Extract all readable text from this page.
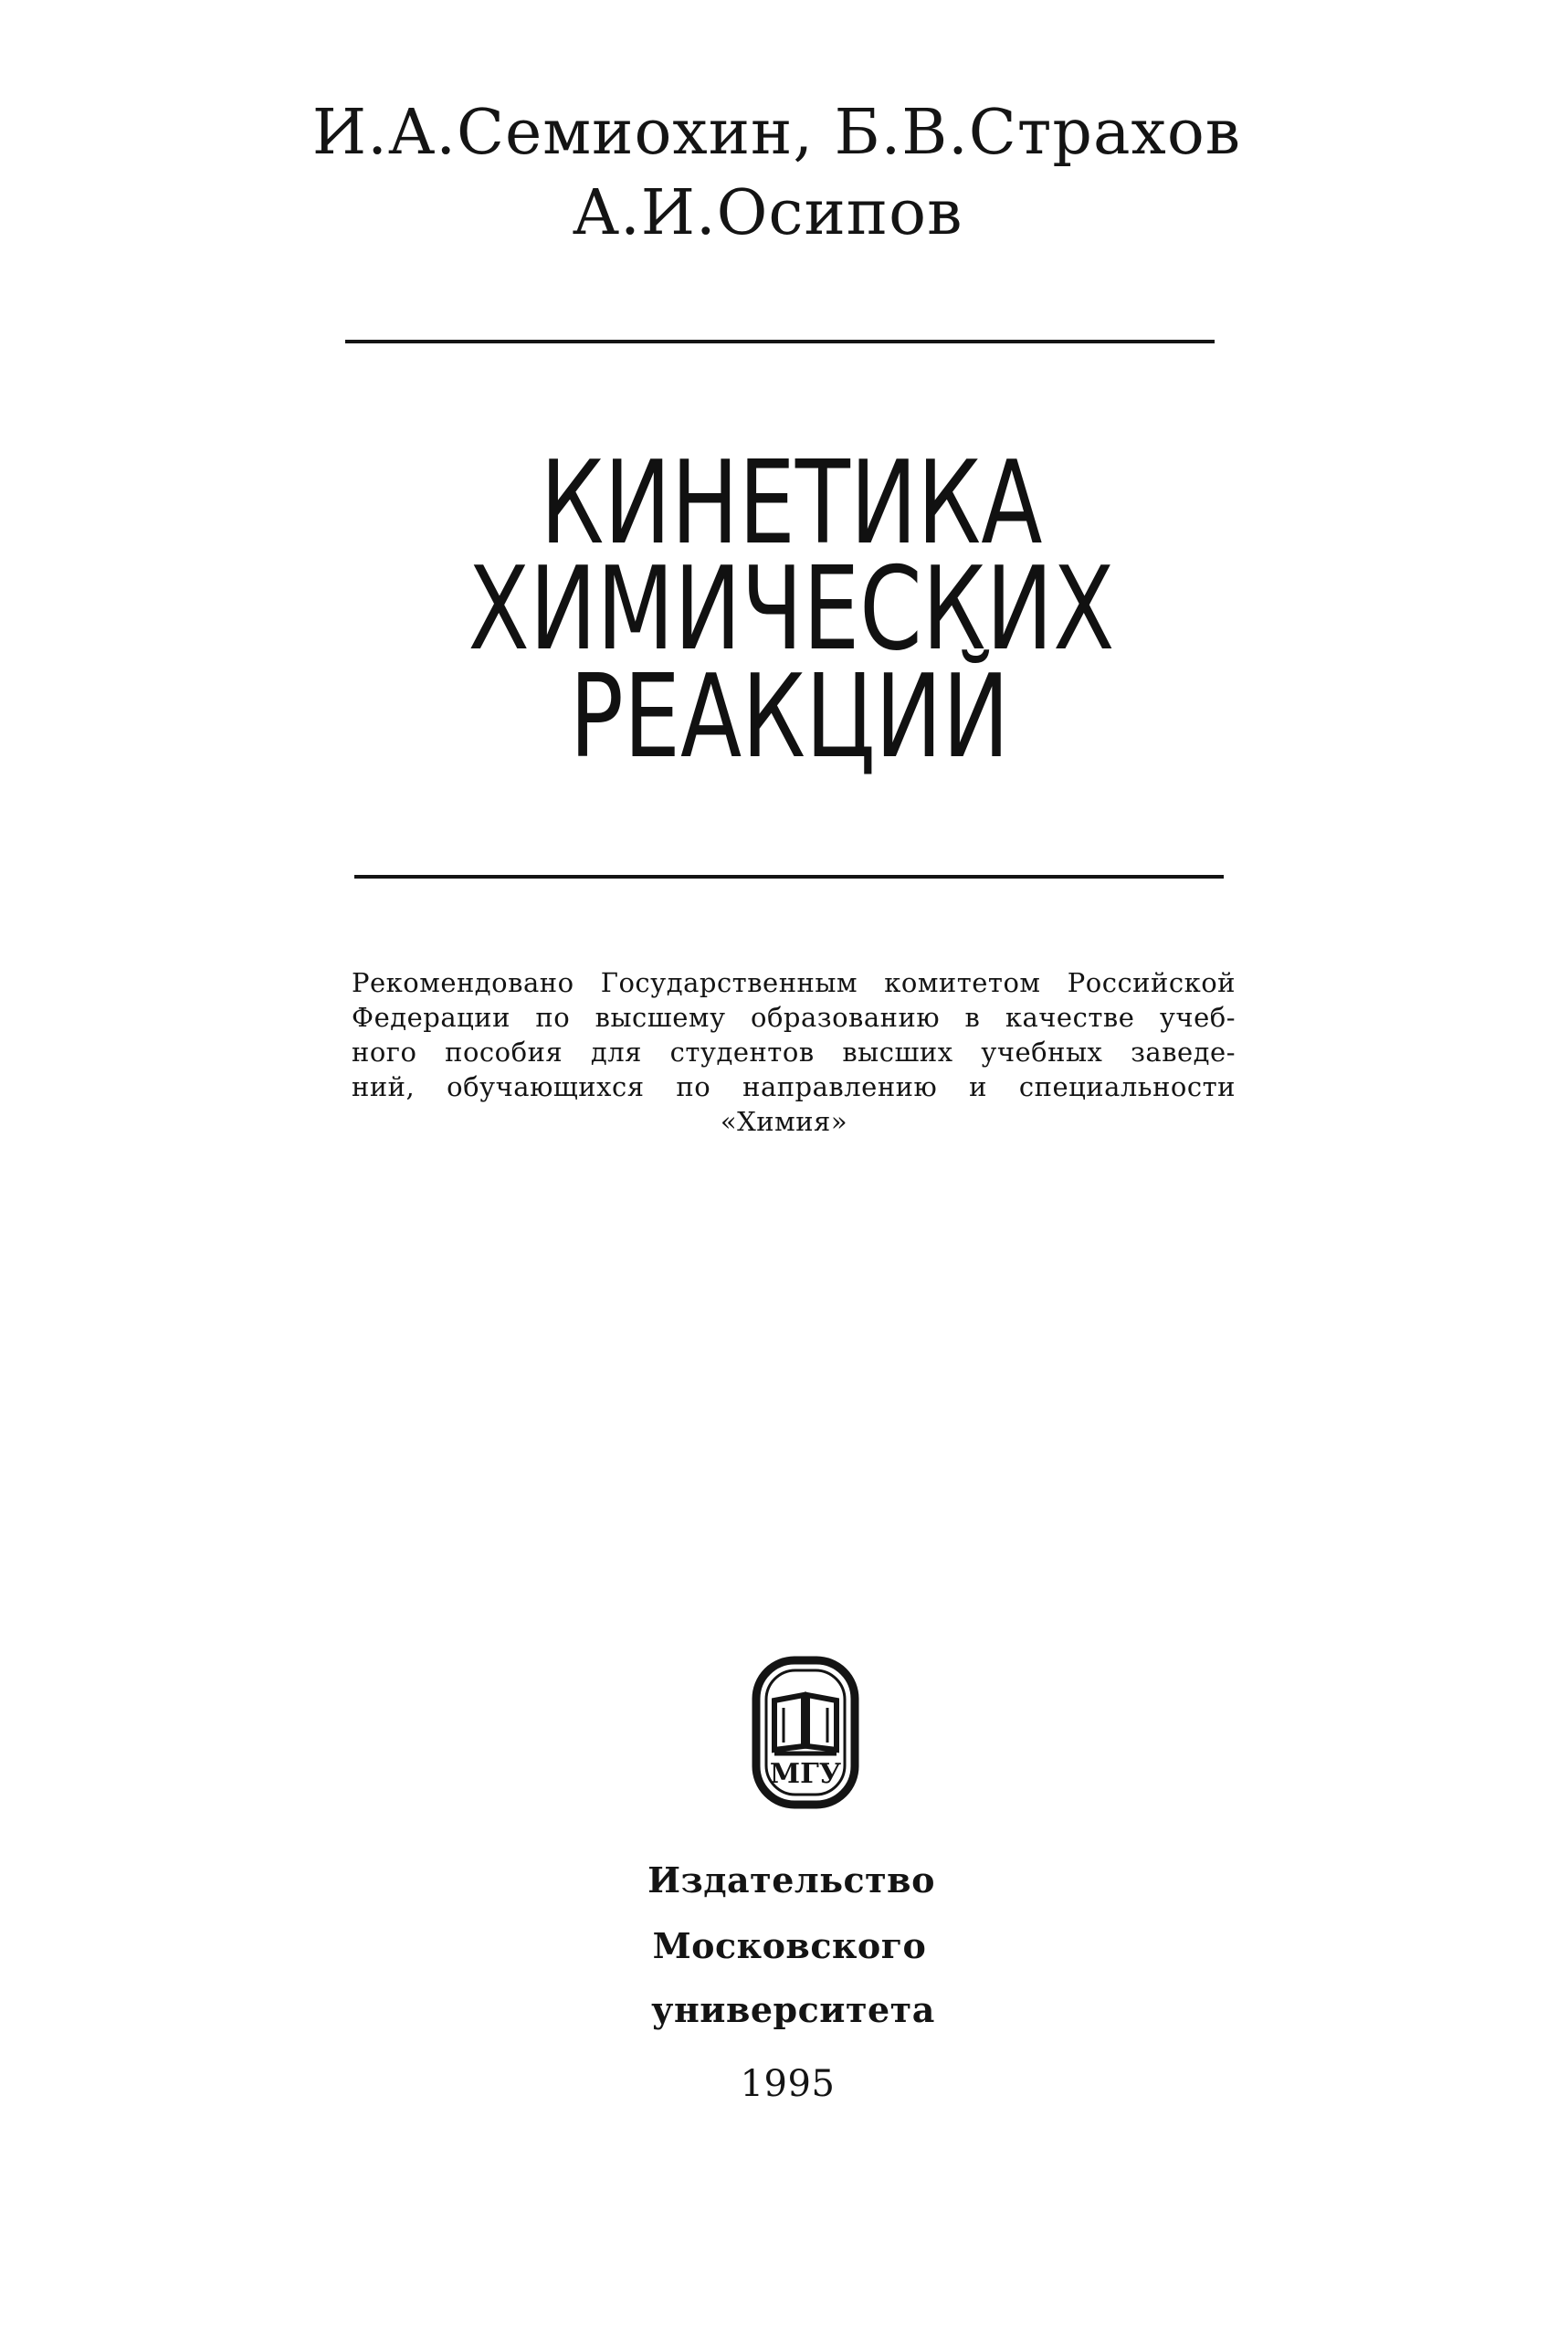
И.А.Семиохин, Б.В.Страхов
А.И.Осипов
КИНЕТИКА
ХИМИЧЕСКИХ
РЕАКЦИЙ
Рекомендовано Государственным комитетом Российской
Федерации по высшему образованию в качестве учеб-
ного пособия для студентов высших учебных заведе-
ний, обучающихся по направлению и специальности
«Химия»
МГУ
Издательство
Московского
университета
1995
